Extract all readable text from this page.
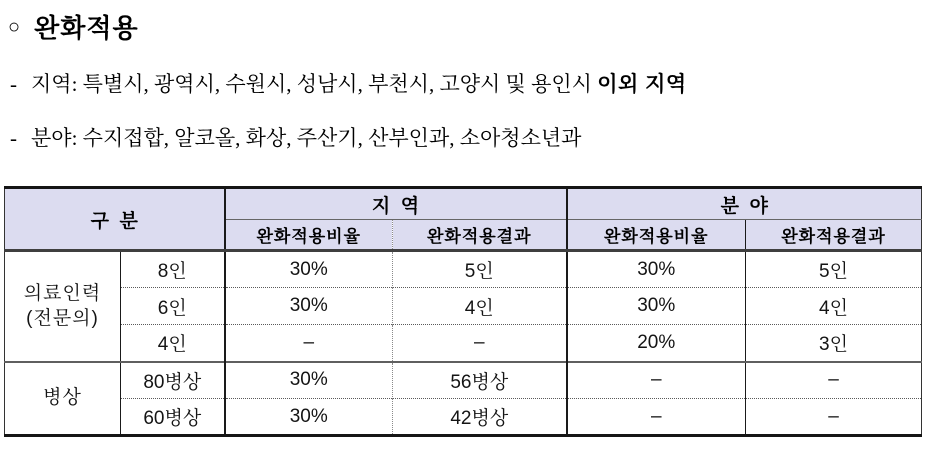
○ 완화적용
- 지역: 특별시, 광역시, 수원시, 성남시, 부천시, 고양시 및 용인시 이외 지역
- 분야: 수지접합, 알코올, 화상, 주산기, 산부인과, 소아청소년과
구  분		지  역		분  야	
		완화적용비율	완화적용결과	완화적용비율	완화적용결과

의료인력
(전문의)	8인	30%	5인	30%	5인
	6인	30%	4인	30%	4인
	4인	–	–	20%	3인

병상	80병상	30%	56병상	–	–
	60병상	30%	42병상	–	–
